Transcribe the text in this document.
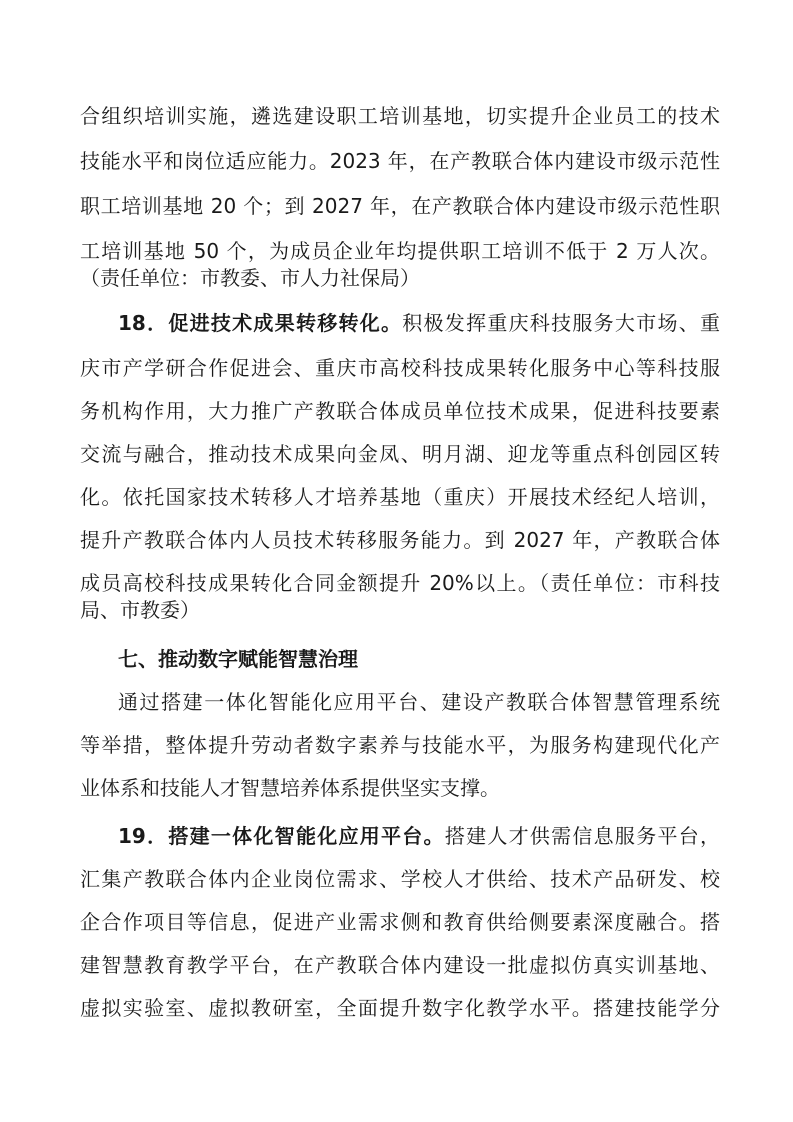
合组织培训实施，遴选建设职工培训基地，切实提升企业员工的技术
技能水平和岗位适应能力。2023 年，在产教联合体内建设市级示范性
职工培训基地 20 个；到 2027 年，在产教联合体内建设市级示范性职
工培训基地 50 个，为成员企业年均提供职工培训不低于 2 万人次。
（责任单位：市教委、市人力社保局）
18．促进技术成果转移转化。积极发挥重庆科技服务大市场、重
庆市产学研合作促进会、重庆市高校科技成果转化服务中心等科技服
务机构作用，大力推广产教联合体成员单位技术成果，促进科技要素
交流与融合，推动技术成果向金凤、明月湖、迎龙等重点科创园区转
化。依托国家技术转移人才培养基地（重庆）开展技术经纪人培训，
提升产教联合体内人员技术转移服务能力。到 2027 年，产教联合体
成员高校科技成果转化合同金额提升 20%以上。（责任单位：市科技
局、市教委）
七、推动数字赋能智慧治理
通过搭建一体化智能化应用平台、建设产教联合体智慧管理系统
等举措，整体提升劳动者数字素养与技能水平，为服务构建现代化产
业体系和技能人才智慧培养体系提供坚实支撑。
19．搭建一体化智能化应用平台。搭建人才供需信息服务平台，
汇集产教联合体内企业岗位需求、学校人才供给、技术产品研发、校
企合作项目等信息，促进产业需求侧和教育供给侧要素深度融合。搭
建智慧教育教学平台，在产教联合体内建设一批虚拟仿真实训基地、
虚拟实验室、虚拟教研室，全面提升数字化教学水平。搭建技能学分
